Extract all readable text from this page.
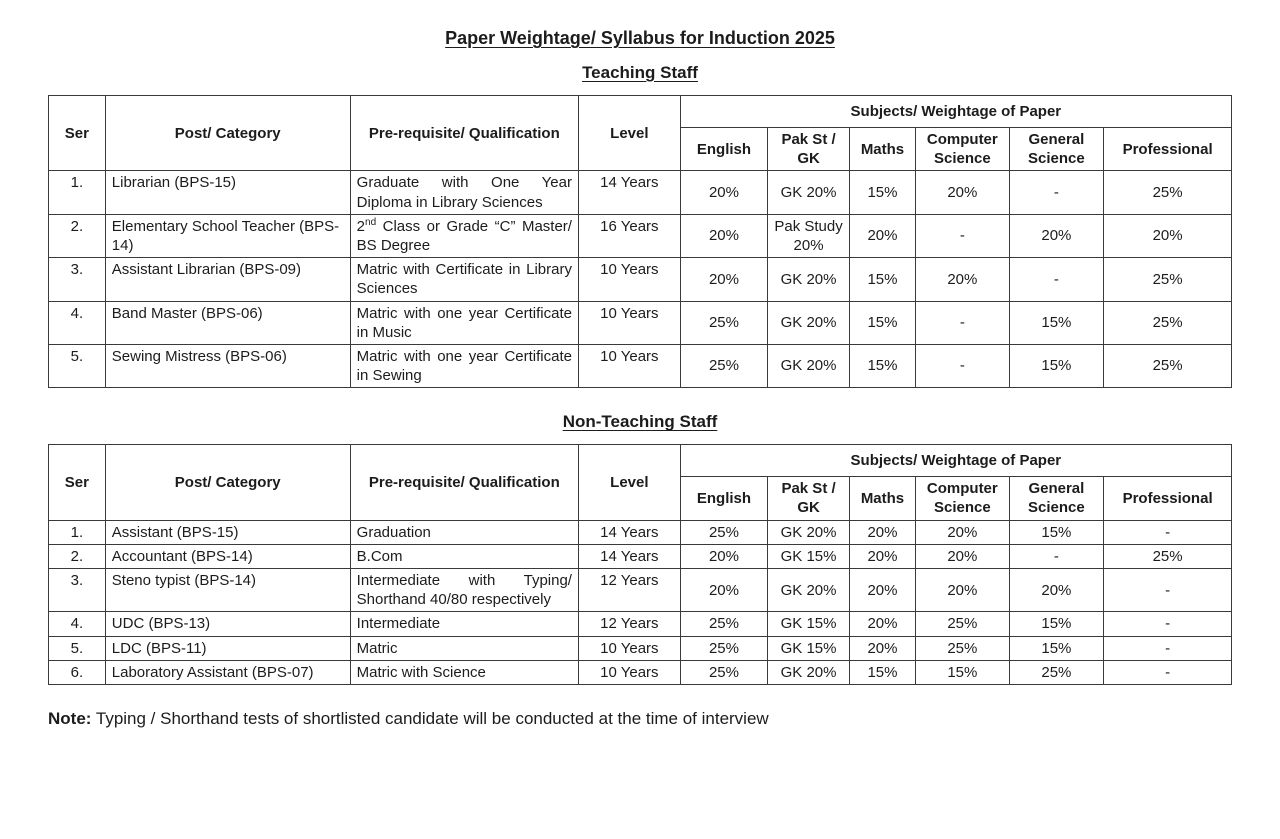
Paper Weightage/ Syllabus for Induction 2025
Teaching Staff
Ser	Post/ Category	Pre-requisite/ Qualification	Level	Subjects/ Weightage of Paper					
				English	Pak St / GK	Maths	Computer Science	General Science	Professional
1.	Librarian (BPS-15)	Graduate with One Year Diploma in Library Sciences	14 Years	20%	GK 20%	15%	20%	-	25%
2.	Elementary School Teacher (BPS-14)	2nd Class or Grade “C” Master/ BS Degree	16 Years	20%	Pak Study 20%	20%	-	20%	20%
3.	Assistant Librarian (BPS-09)	Matric with Certificate in Library Sciences	10 Years	20%	GK 20%	15%	20%	-	25%
4.	Band Master (BPS-06)	Matric with one year Certificate in Music	10 Years	25%	GK 20%	15%	-	15%	25%
5.	Sewing Mistress (BPS-06)	Matric with one year Certificate in Sewing	10 Years	25%	GK 20%	15%	-	15%	25%
Non-Teaching Staff
Ser	Post/ Category	Pre-requisite/ Qualification	Level	Subjects/ Weightage of Paper					
				English	Pak St / GK	Maths	Computer Science	General Science	Professional
1.	Assistant (BPS-15)	Graduation	14 Years	25%	GK 20%	20%	20%	15%	-
2.	Accountant (BPS-14)	B.Com	14 Years	20%	GK 15%	20%	20%	-	25%
3.	Steno typist (BPS-14)	Intermediate with Typing/ Shorthand 40/80 respectively	12 Years	20%	GK 20%	20%	20%	20%	-
4.	UDC (BPS-13)	Intermediate	12 Years	25%	GK 15%	20%	25%	15%	-
5.	LDC (BPS-11)	Matric	10 Years	25%	GK 15%	20%	25%	15%	-
6.	Laboratory Assistant (BPS-07)	Matric with Science	10 Years	25%	GK 20%	15%	15%	25%	-
Note: Typing / Shorthand tests of shortlisted candidate will be conducted at the time of interview
